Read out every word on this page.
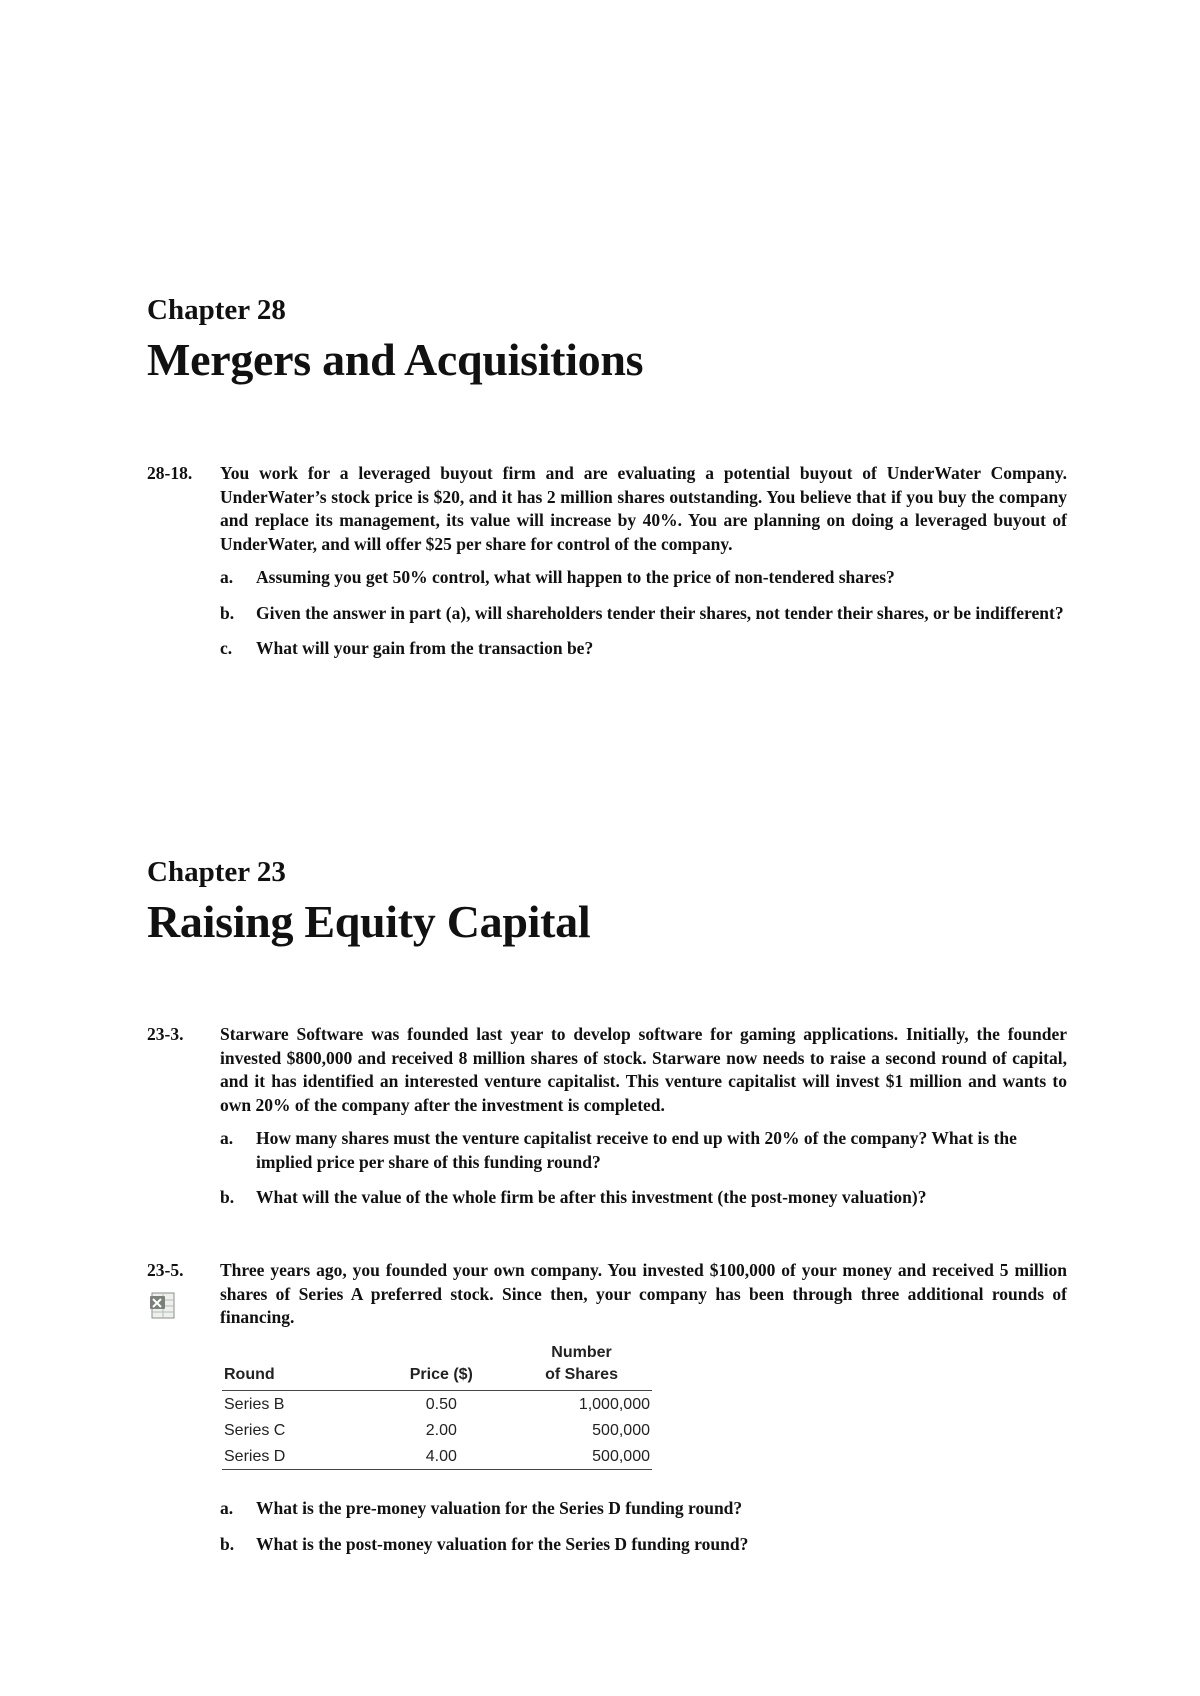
Chapter 28
Mergers and Acquisitions
28-18. You work for a leveraged buyout firm and are evaluating a potential buyout of UnderWater Company. UnderWater’s stock price is $20, and it has 2 million shares outstanding. You believe that if you buy the company and replace its management, its value will increase by 40%. You are planning on doing a leveraged buyout of UnderWater, and will offer $25 per share for control of the company.
a. Assuming you get 50% control, what will happen to the price of non-tendered shares?
b. Given the answer in part (a), will shareholders tender their shares, not tender their shares, or be indifferent?
c. What will your gain from the transaction be?
Chapter 23
Raising Equity Capital
23-3. Starware Software was founded last year to develop software for gaming applications. Initially, the founder invested $800,000 and received 8 million shares of stock. Starware now needs to raise a second round of capital, and it has identified an interested venture capitalist. This venture capitalist will invest $1 million and wants to own 20% of the company after the investment is completed.
a. How many shares must the venture capitalist receive to end up with 20% of the company? What is the implied price per share of this funding round?
b. What will the value of the whole firm be after this investment (the post-money valuation)?
23-5. Three years ago, you founded your own company. You invested $100,000 of your money and received 5 million shares of Series A preferred stock. Since then, your company has been through three additional rounds of financing.
Round	Price ($)	Number
of Shares

Series B	0.50	1,000,000
Series C	2.00	500,000
Series D	4.00	500,000
a. What is the pre-money valuation for the Series D funding round?
b. What is the post-money valuation for the Series D funding round?
